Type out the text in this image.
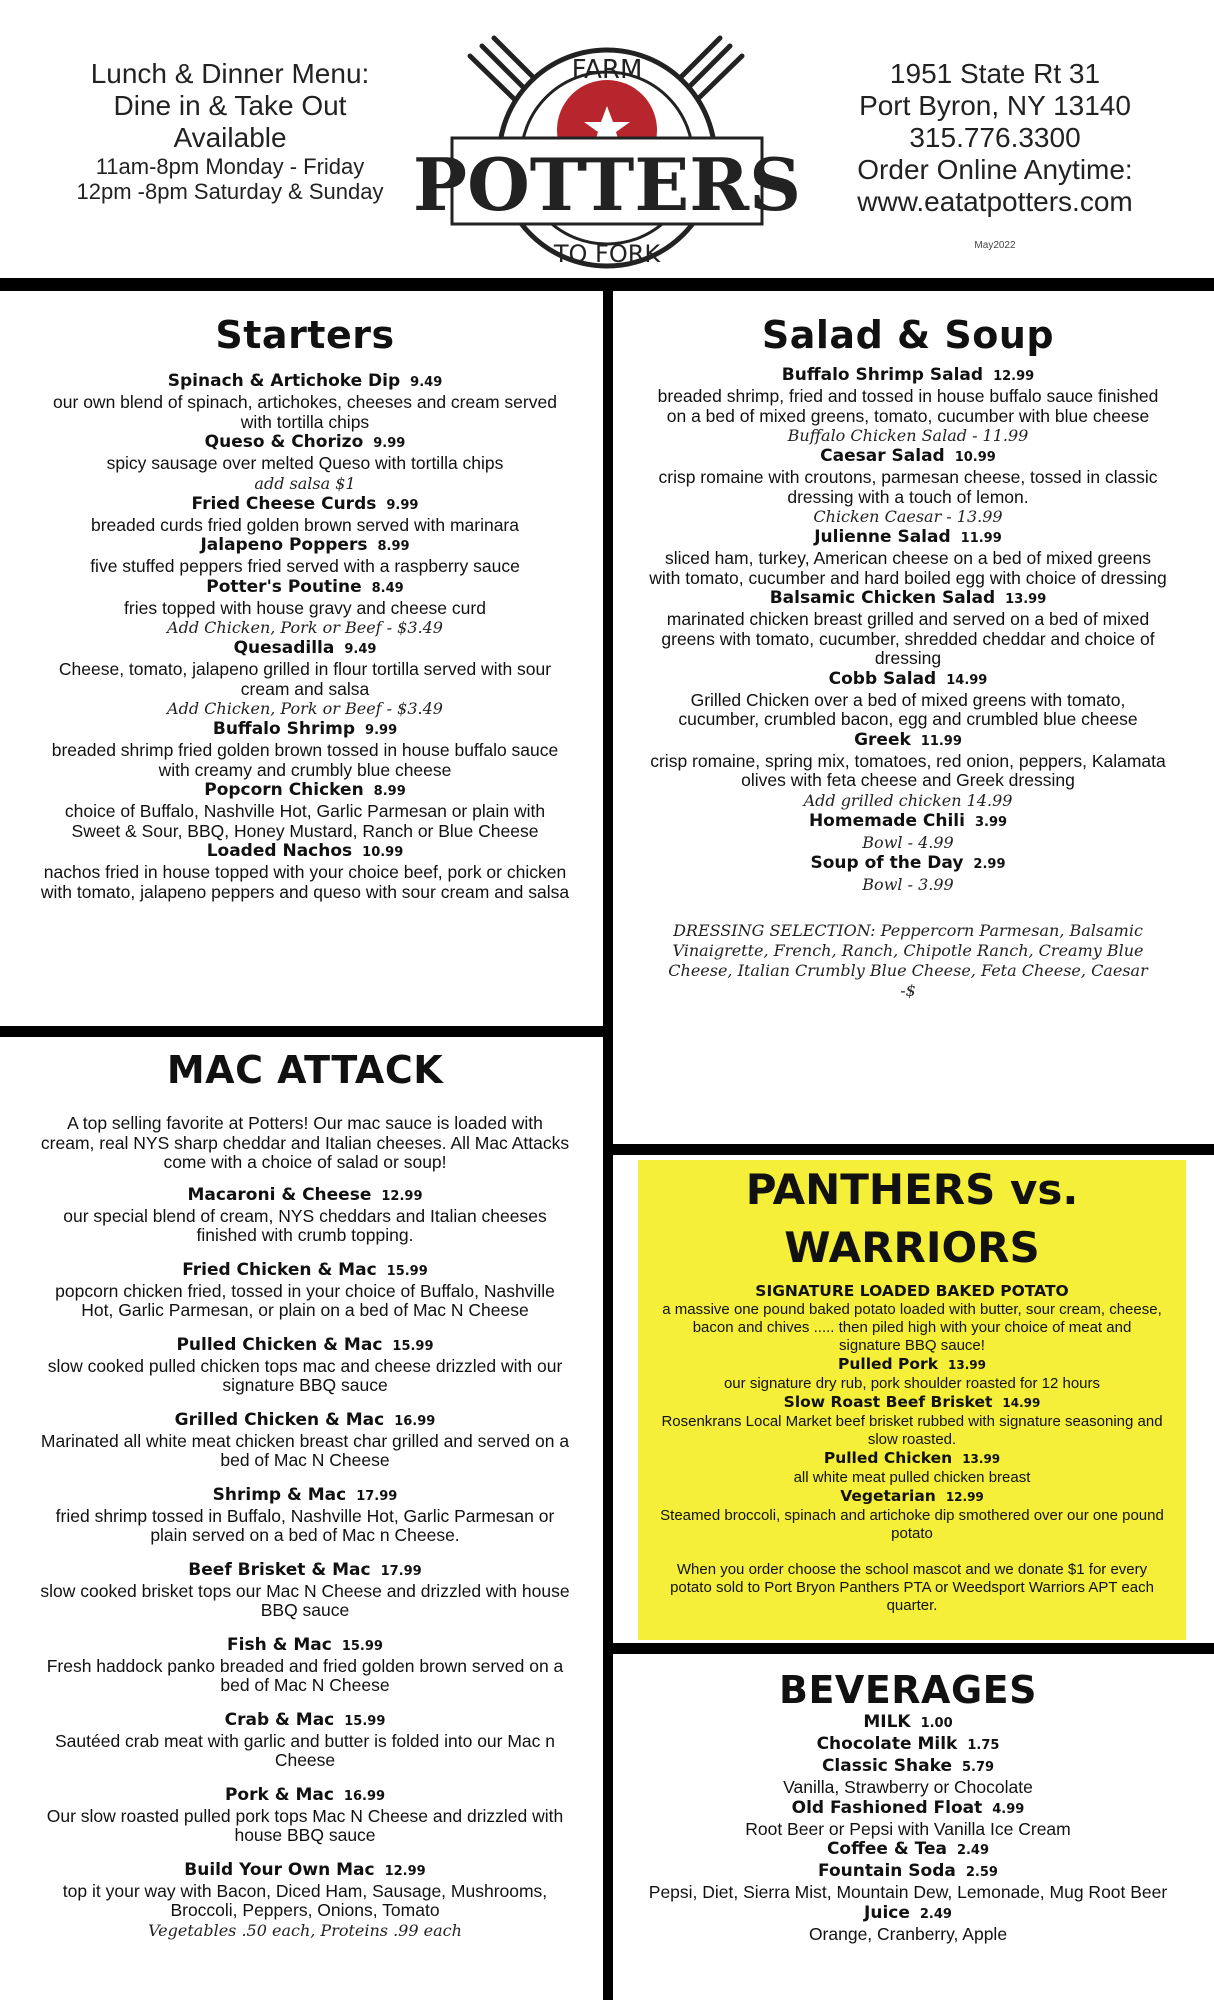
Lunch & Dinner Menu:
Dine in & Take Out
Available
11am-8pm Monday - Friday
12pm -8pm Saturday & Sunday POTTERS
FARM
TO FORK
1951 State Rt 31
Port Byron, NY 13140
315.776.3300
Order Online Anytime:
www.eatatpotters.com
May2022
Starters
Spinach & Artichoke Dip 9.49
our own blend of spinach, artichokes, cheeses and cream served with tortilla chips
Queso & Chorizo 9.99
spicy sausage over melted Queso with tortilla chips
add salsa $1
Fried Cheese Curds 9.99
breaded curds fried golden brown served with marinara
Jalapeno Poppers 8.99
five stuffed peppers fried served with a raspberry sauce
Potter's Poutine 8.49
fries topped with house gravy and cheese curd
Add Chicken, Pork or Beef - $3.49
Quesadilla 9.49
Cheese, tomato, jalapeno grilled in flour tortilla served with sour cream and salsa
Add Chicken, Pork or Beef - $3.49
Buffalo Shrimp 9.99
breaded shrimp fried golden brown tossed in house buffalo sauce with creamy and crumbly blue cheese
Popcorn Chicken 8.99
choice of Buffalo, Nashville Hot, Garlic Parmesan or plain with Sweet & Sour, BBQ, Honey Mustard, Ranch or Blue Cheese
Loaded Nachos 10.99
nachos fried in house topped with your choice beef, pork or chicken with tomato, jalapeno peppers and queso with sour cream and salsa
MAC ATTACK
A top selling favorite at Potters! Our mac sauce is loaded with cream, real NYS sharp cheddar and Italian cheeses. All Mac Attacks come with a choice of salad or soup!
Macaroni & Cheese 12.99
our special blend of cream, NYS cheddars and Italian cheeses finished with crumb topping.
Fried Chicken & Mac 15.99
popcorn chicken fried, tossed in your choice of Buffalo, Nashville Hot, Garlic Parmesan, or plain on a bed of Mac N Cheese
Pulled Chicken & Mac 15.99
slow cooked pulled chicken tops mac and cheese drizzled with our signature BBQ sauce
Grilled Chicken & Mac 16.99
Marinated all white meat chicken breast char grilled and served on a bed of Mac N Cheese
Shrimp & Mac 17.99
fried shrimp tossed in Buffalo, Nashville Hot, Garlic Parmesan or plain served on a bed of Mac n Cheese.
Beef Brisket & Mac 17.99
slow cooked brisket tops our Mac N Cheese and drizzled with house BBQ sauce
Fish & Mac 15.99
Fresh haddock panko breaded and fried golden brown served on a bed of Mac N Cheese
Crab & Mac 15.99
Sautéed crab meat with garlic and butter is folded into our Mac n Cheese
Pork & Mac 16.99
Our slow roasted pulled pork tops Mac N Cheese and drizzled with house BBQ sauce
Build Your Own Mac 12.99
top it your way with Bacon, Diced Ham, Sausage, Mushrooms, Broccoli, Peppers, Onions, Tomato
Vegetables .50 each, Proteins .99 each
Salad & Soup
Buffalo Shrimp Salad 12.99
breaded shrimp, fried and tossed in house buffalo sauce finished on a bed of mixed greens, tomato, cucumber with blue cheese
Buffalo Chicken Salad - 11.99
Caesar Salad 10.99
crisp romaine with croutons, parmesan cheese, tossed in classic dressing with a touch of lemon.
Chicken Caesar - 13.99
Julienne Salad 11.99
sliced ham, turkey, American cheese on a bed of mixed greens with tomato, cucumber and hard boiled egg with choice of dressing
Balsamic Chicken Salad 13.99
marinated chicken breast grilled and served on a bed of mixed greens with tomato, cucumber, shredded cheddar and choice of dressing
Cobb Salad 14.99
Grilled Chicken over a bed of mixed greens with tomato, cucumber, crumbled bacon, egg and crumbled blue cheese
Greek 11.99
crisp romaine, spring mix, tomatoes, red onion, peppers, Kalamata olives with feta cheese and Greek dressing
Add grilled chicken 14.99
Homemade Chili 3.99
Bowl - 4.99
Soup of the Day 2.99
Bowl - 3.99
DRESSING SELECTION: Peppercorn Parmesan, Balsamic Vinaigrette, French, Ranch, Chipotle Ranch, Creamy Blue Cheese, Italian Crumbly Blue Cheese, Feta Cheese, Caesar -$
PANTHERS vs.
WARRIORS
SIGNATURE LOADED BAKED POTATO
a massive one pound baked potato loaded with butter, sour cream, cheese, bacon and chives ..... then piled high with your choice of meat and signature BBQ sauce!
Pulled Pork 13.99
our signature dry rub, pork shoulder roasted for 12 hours
Slow Roast Beef Brisket 14.99
Rosenkrans Local Market beef brisket rubbed with signature seasoning and slow roasted.
Pulled Chicken 13.99
all white meat pulled chicken breast
Vegetarian 12.99
Steamed broccoli, spinach and artichoke dip smothered over our one pound potato
When you order choose the school mascot and we donate $1 for every potato sold to Port Bryon Panthers PTA or Weedsport Warriors APT each quarter.
BEVERAGES
MILK 1.00
Chocolate Milk 1.75
Classic Shake 5.79
Vanilla, Strawberry or Chocolate
Old Fashioned Float 4.99
Root Beer or Pepsi with Vanilla Ice Cream
Coffee & Tea 2.49
Fountain Soda 2.59
Pepsi, Diet, Sierra Mist, Mountain Dew, Lemonade, Mug Root Beer
Juice 2.49
Orange, Cranberry, Apple
